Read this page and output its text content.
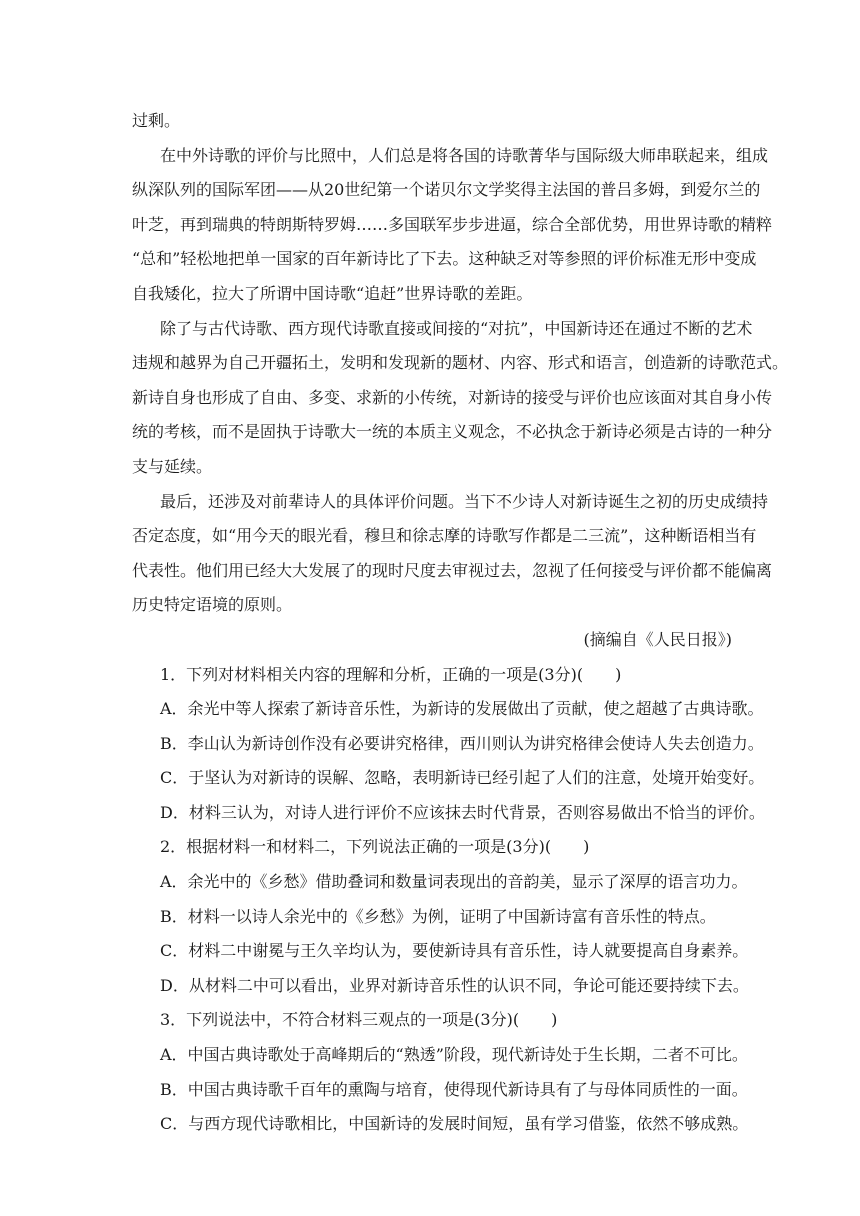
过剩。

在中外诗歌的评价与比照中，人们总是将各国的诗歌菁华与国际级大师串联起来，组成

纵深队列的国际军团——从20世纪第一个诺贝尔文学奖得主法国的普吕多姆，到爱尔兰的

叶芝，再到瑞典的特朗斯特罗姆……多国联军步步进逼，综合全部优势，用世界诗歌的精粹

“总和”轻松地把单一国家的百年新诗比了下去。这种缺乏对等参照的评价标准无形中变成

自我矮化，拉大了所谓中国诗歌“追赶”世界诗歌的差距。

除了与古代诗歌、西方现代诗歌直接或间接的“对抗”，中国新诗还在通过不断的艺术

违规和越界为自己开疆拓土，发明和发现新的题材、内容、形式和语言，创造新的诗歌范式。

新诗自身也形成了自由、多变、求新的小传统，对新诗的接受与评价也应该面对其自身小传

统的考核，而不是固执于诗歌大一统的本质主义观念，不必执念于新诗必须是古诗的一种分

支与延续。

最后，还涉及对前辈诗人的具体评价问题。当下不少诗人对新诗诞生之初的历史成绩持

否定态度，如“用今天的眼光看，穆旦和徐志摩的诗歌写作都是二三流”，这种断语相当有

代表性。他们用已经大大发展了的现时尺度去审视过去，忽视了任何接受与评价都不能偏离

历史特定语境的原则。

(摘编自《人民日报》)

1．下列对材料相关内容的理解和分析，正确的一项是(3分)(　　)

A．余光中等人探索了新诗音乐性，为新诗的发展做出了贡献，使之超越了古典诗歌。

B．李山认为新诗创作没有必要讲究格律，西川则认为讲究格律会使诗人失去创造力。

C．于坚认为对新诗的误解、忽略，表明新诗已经引起了人们的注意，处境开始变好。

D．材料三认为，对诗人进行评价不应该抹去时代背景，否则容易做出不恰当的评价。

2．根据材料一和材料二，下列说法正确的一项是(3分)(　　)

A．余光中的《乡愁》借助叠词和数量词表现出的音韵美，显示了深厚的语言功力。

B．材料一以诗人余光中的《乡愁》为例，证明了中国新诗富有音乐性的特点。

C．材料二中谢冕与王久辛均认为，要使新诗具有音乐性，诗人就要提高自身素养。

D．从材料二中可以看出，业界对新诗音乐性的认识不同，争论可能还要持续下去。

3．下列说法中，不符合材料三观点的一项是(3分)(　　)

A．中国古典诗歌处于高峰期后的“熟透”阶段，现代新诗处于生长期，二者不可比。

B．中国古典诗歌千百年的熏陶与培育，使得现代新诗具有了与母体同质性的一面。

C．与西方现代诗歌相比，中国新诗的发展时间短，虽有学习借鉴，依然不够成熟。
